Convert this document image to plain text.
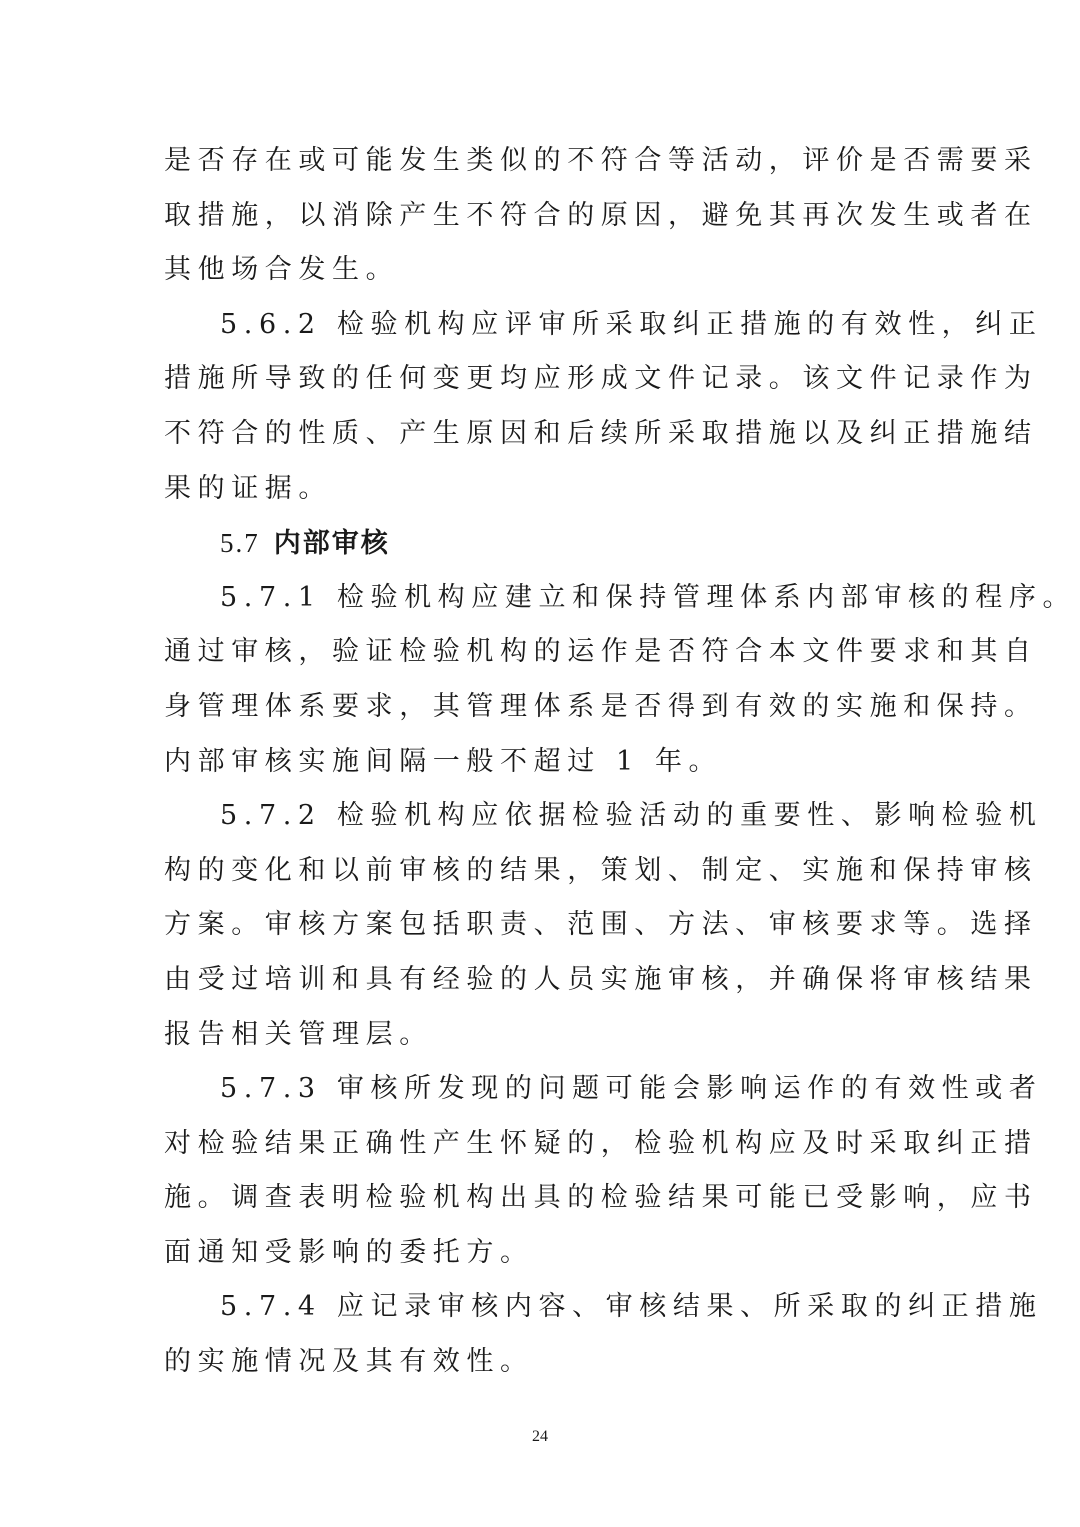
是否存在或可能发生类似的不符合等活动，评价是否需要采
取措施，以消除产生不符合的原因，避免其再次发生或者在
其他场合发生。
5.6.2 检验机构应评审所采取纠正措施的有效性，纠正
措施所导致的任何变更均应形成文件记录。该文件记录作为
不符合的性质、产生原因和后续所采取措施以及纠正措施结
果的证据。
5.7 内部审核
5.7.1 检验机构应建立和保持管理体系内部审核的程序。
通过审核，验证检验机构的运作是否符合本文件要求和其自
身管理体系要求，其管理体系是否得到有效的实施和保持。
内部审核实施间隔一般不超过 1 年。
5.7.2 检验机构应依据检验活动的重要性、影响检验机
构的变化和以前审核的结果，策划、制定、实施和保持审核
方案。审核方案包括职责、范围、方法、审核要求等。选择
由受过培训和具有经验的人员实施审核，并确保将审核结果
报告相关管理层。
5.7.3 审核所发现的问题可能会影响运作的有效性或者
对检验结果正确性产生怀疑的，检验机构应及时采取纠正措
施。调查表明检验机构出具的检验结果可能已受影响，应书
面通知受影响的委托方。
5.7.4 应记录审核内容、审核结果、所采取的纠正措施
的实施情况及其有效性。
24
